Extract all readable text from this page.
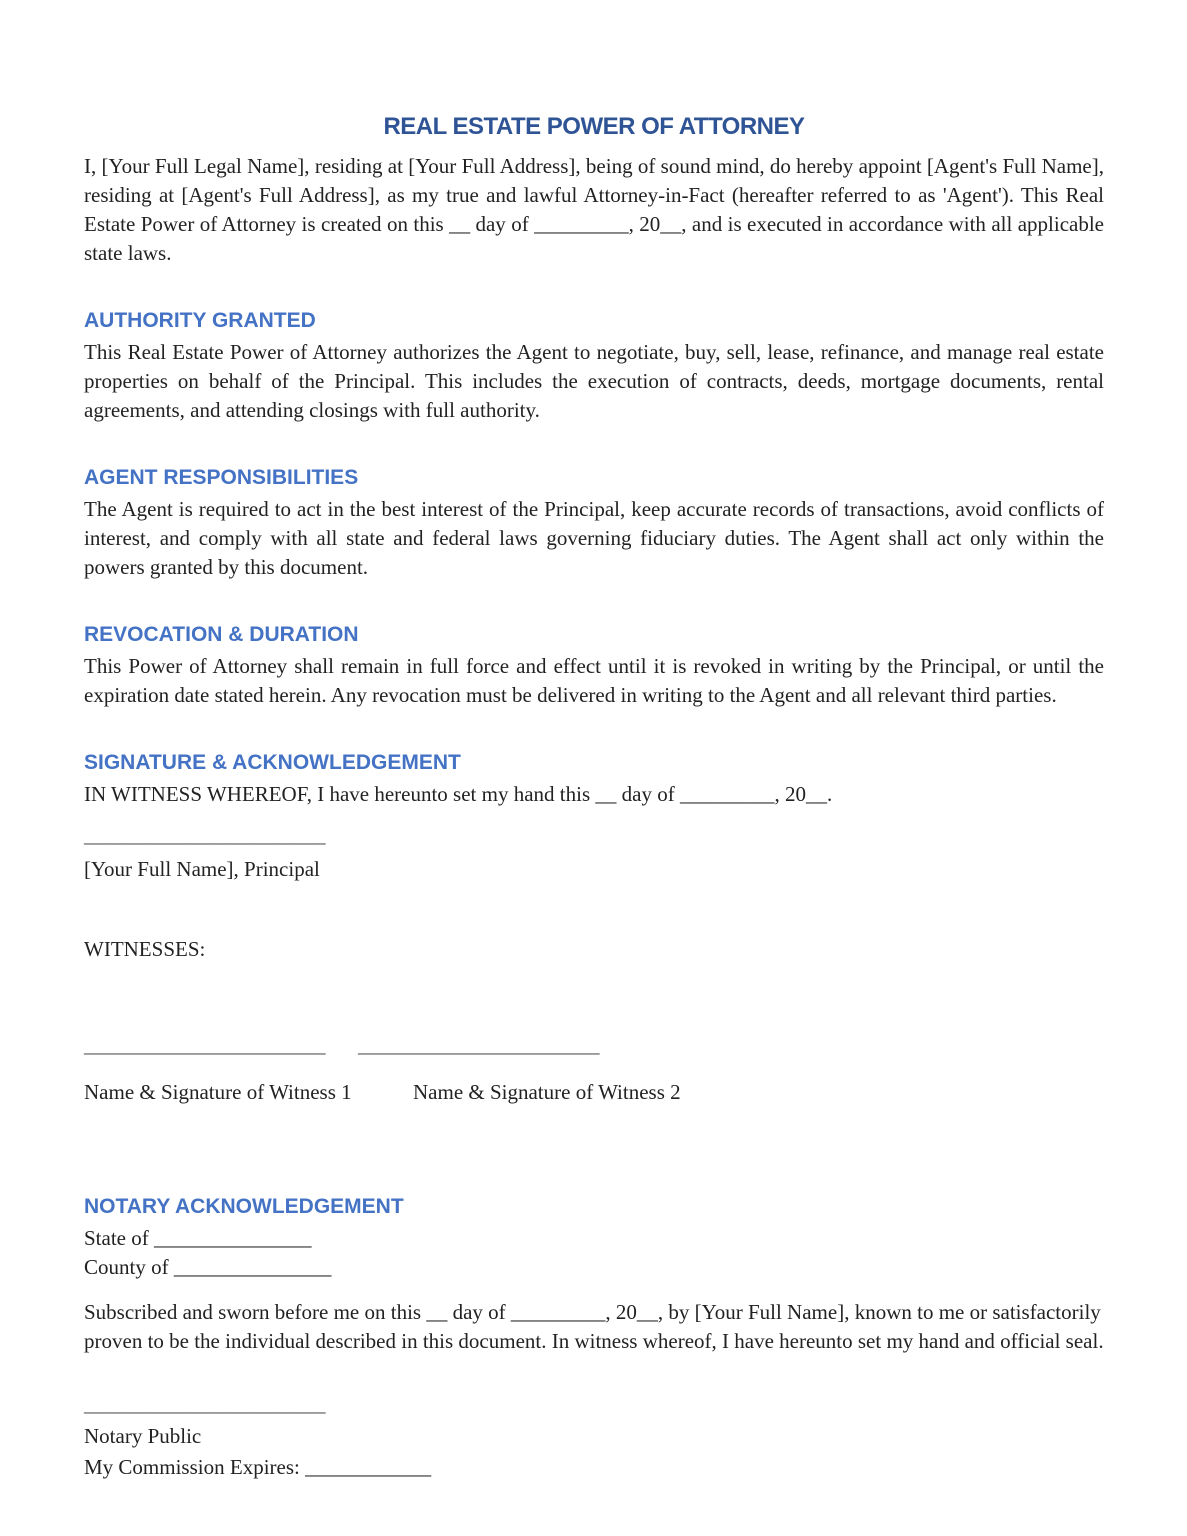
REAL ESTATE POWER OF ATTORNEY

I, [Your Full Legal Name], residing at [Your Full Address], being of sound mind, do hereby appoint [Agent's Full Name], residing at [Agent's Full Address], as my true and lawful Attorney-in-Fact (hereafter referred to as 'Agent'). This Real Estate Power of Attorney is created on this __ day of _________, 20__, and is executed in accordance with all applicable state laws.

AUTHORITY GRANTED

This Real Estate Power of Attorney authorizes the Agent to negotiate, buy, sell, lease, refinance, and manage real estate properties on behalf of the Principal. This includes the execution of contracts, deeds, mortgage documents, rental agreements, and attending closings with full authority.

AGENT RESPONSIBILITIES

The Agent is required to act in the best interest of the Principal, keep accurate records of transactions, avoid conflicts of interest, and comply with all state and federal laws governing fiduciary duties. The Agent shall act only within the powers granted by this document.

REVOCATION & DURATION

This Power of Attorney shall remain in full force and effect until it is revoked in writing by the Principal, or until the expiration date stated herein. Any revocation must be delivered in writing to the Agent and all relevant third parties.

SIGNATURE & ACKNOWLEDGEMENT

IN WITNESS WHEREOF, I have hereunto set my hand this __ day of _________, 20__.

_______________________

[Your Full Name], Principal

WITNESSES:

_______________________	_______________________
Name & Signature of Witness 1	Name & Signature of Witness 2
NOTARY ACKNOWLEDGEMENT

State of _______________

County of _______________

Subscribed and sworn before me on this __ day of _________, 20__, by [Your Full Name], known to me or satisfactorily proven to be the individual described in this document. In witness whereof, I have hereunto set my hand and official seal.

_______________________

Notary Public

My Commission Expires: ____________
